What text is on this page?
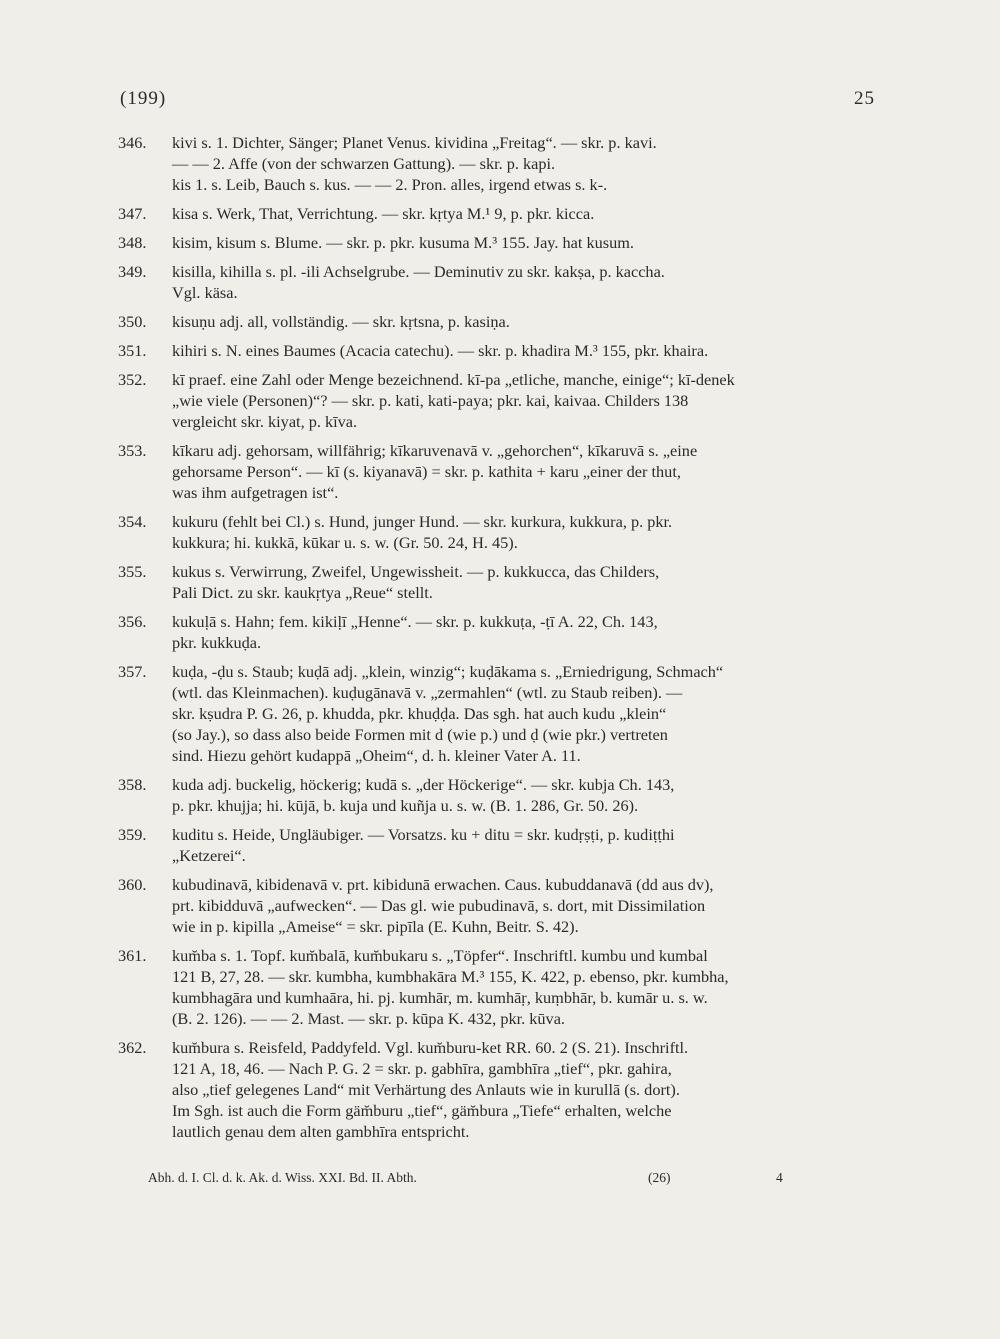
(199)	25
346. kivi s. 1. Dichter, Sänger; Planet Venus. kividina „Freitag“. — skr. p. kavi.
— — 2. Affe (von der schwarzen Gattung). — skr. p. kapi.
kis 1. s. Leib, Bauch s. kus. — — 2. Pron. alles, irgend etwas s. k-.
347. kisa s. Werk, That, Verrichtung. — skr. kṛtya M.¹ 9, p. pkr. kicca.
348. kisim, kisum s. Blume. — skr. p. pkr. kusuma M.³ 155. Jay. hat kusum.
349. kisilla, kihilla s. pl. -ili Achselgrube. — Deminutiv zu skr. kakṣa, p. kaccha.
Vgl. käsa.
350. kisuṇu adj. all, vollständig. — skr. kṛtsna, p. kasiṇa.
351. kihiri s. N. eines Baumes (Acacia catechu). — skr. p. khadira M.³ 155, pkr. khaira.
352. kī praef. eine Zahl oder Menge bezeichnend. kī-pa „etliche, manche, einige“; kī-denek
„wie viele (Personen)“? — skr. p. kati, kati-paya; pkr. kai, kaivaa. Childers 138
vergleicht skr. kiyat, p. kīva.
353. kīkaru adj. gehorsam, willfährig; kīkaruvenavā v. „gehorchen“, kīkaruvā s. „eine
gehorsame Person“. — kī (s. kiyanavā) = skr. p. kathita + karu „einer der thut,
was ihm aufgetragen ist“.
354. kukuru (fehlt bei Cl.) s. Hund, junger Hund. — skr. kurkura, kukkura, p. pkr.
kukkura; hi. kukkā, kūkar u. s. w. (Gr. 50. 24, H. 45).
355. kukus s. Verwirrung, Zweifel, Ungewissheit. — p. kukkucca, das Childers,
Pali Dict. zu skr. kaukṛtya „Reue“ stellt.
356. kukuḷā s. Hahn; fem. kikiḷī „Henne“. — skr. p. kukkuṭa, -ṭī A. 22, Ch. 143,
pkr. kukkuḍa.
357. kuḍa, -ḍu s. Staub; kuḍā adj. „klein, winzig“; kuḍākama s. „Erniedrigung, Schmach“
(wtl. das Kleinmachen). kuḍugānavā v. „zermahlen“ (wtl. zu Staub reiben). —
skr. kṣudra P. G. 26, p. khudda, pkr. khuḍḍa. Das sgh. hat auch kudu „klein“
(so Jay.), so dass also beide Formen mit d (wie p.) und ḍ (wie pkr.) vertreten
sind. Hiezu gehört kudappā „Oheim“, d. h. kleiner Vater A. 11.
358. kuda adj. buckelig, höckerig; kudā s. „der Höckerige“. — skr. kubja Ch. 143,
p. pkr. khujja; hi. kūjā, b. kuja und kuñja u. s. w. (B. 1. 286, Gr. 50. 26).
359. kuditu s. Heide, Ungläubiger. — Vorsatzs. ku + ditu = skr. kudṛṣṭi, p. kudiṭṭhi
„Ketzerei“.
360. kubudinavā, kibidenavā v. prt. kibidunā erwachen. Caus. kubuddanavā (dd aus dv),
prt. kibidduvā „aufwecken“. — Das gl. wie pubudinavā, s. dort, mit Dissimilation
wie in p. kipilla „Ameise“ = skr. pipīla (E. Kuhn, Beitr. S. 42).
361. kum̆ba s. 1. Topf. kum̆balā, kum̆bukaru s. „Töpfer“. Inschriftl. kumbu und kumbal
121 B, 27, 28. — skr. kumbha, kumbhakāra M.³ 155, K. 422, p. ebenso, pkr. kumbha,
kumbhagāra und kumhaāra, hi. pj. kumhār, m. kumhāṛ, kuṃbhār, b. kumār u. s. w.
(B. 2. 126). — — 2. Mast. — skr. p. kūpa K. 432, pkr. kūva.
362. kum̆bura s. Reisfeld, Paddyfeld. Vgl. kum̆buru-ket RR. 60. 2 (S. 21). Inschriftl.
121 A, 18, 46. — Nach P. G. 2 = skr. p. gabhīra, gambhīra „tief“, pkr. gahira,
also „tief gelegenes Land“ mit Verhärtung des Anlauts wie in kurullā (s. dort).
Im Sgh. ist auch die Form gäm̆buru „tief“, gäm̆bura „Tiefe“ erhalten, welche
lautlich genau dem alten gambhīra entspricht.
Abh. d. I. Cl. d. k. Ak. d. Wiss. XXI. Bd. II. Abth.	(26)	4
